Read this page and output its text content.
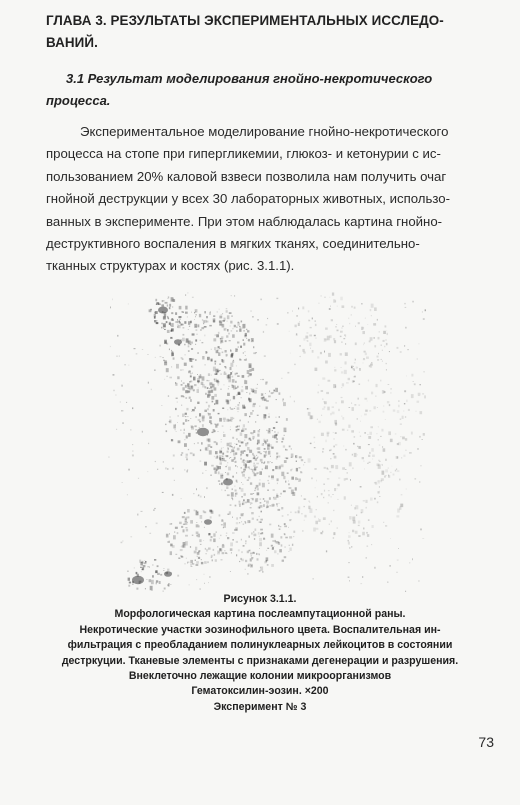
ГЛАВА 3. РЕЗУЛЬТАТЫ ЭКСПЕРИМЕНТАЛЬНЫХ ИССЛЕДО-
ВАНИЙ.
3.1 Результат моделирования гнойно-некротического
процесса.
Экспериментальное моделирование гнойно-некротического
процесса на стопе при гипергликемии, глюкоз- и кетонурии с ис-
пользованием 20% каловой взвеси позволила нам получить очаг
гнойной деструкции у всех 30 лабораторных животных, использо-
ванных в эксперименте. При этом наблюдалась картина гнойно-
деструктивного воспаления в мягких тканях, соединительно-
тканных структурах и костях (рис. 3.1.1).
Рисунок 3.1.1.
Морфологическая картина послеампутационной раны.
Некротические участки эозинофильного цвета. Воспалительная ин-
фильтрация с преобладанием полинуклеарных лейкоцитов в состоянии
дестркуции. Тканевые элементы с признаками дегенерации и разрушения.
Внеклеточно лежащие колонии микроорганизмов
Гематоксилин-эозин. ×200
Эксперимент № 3
73
